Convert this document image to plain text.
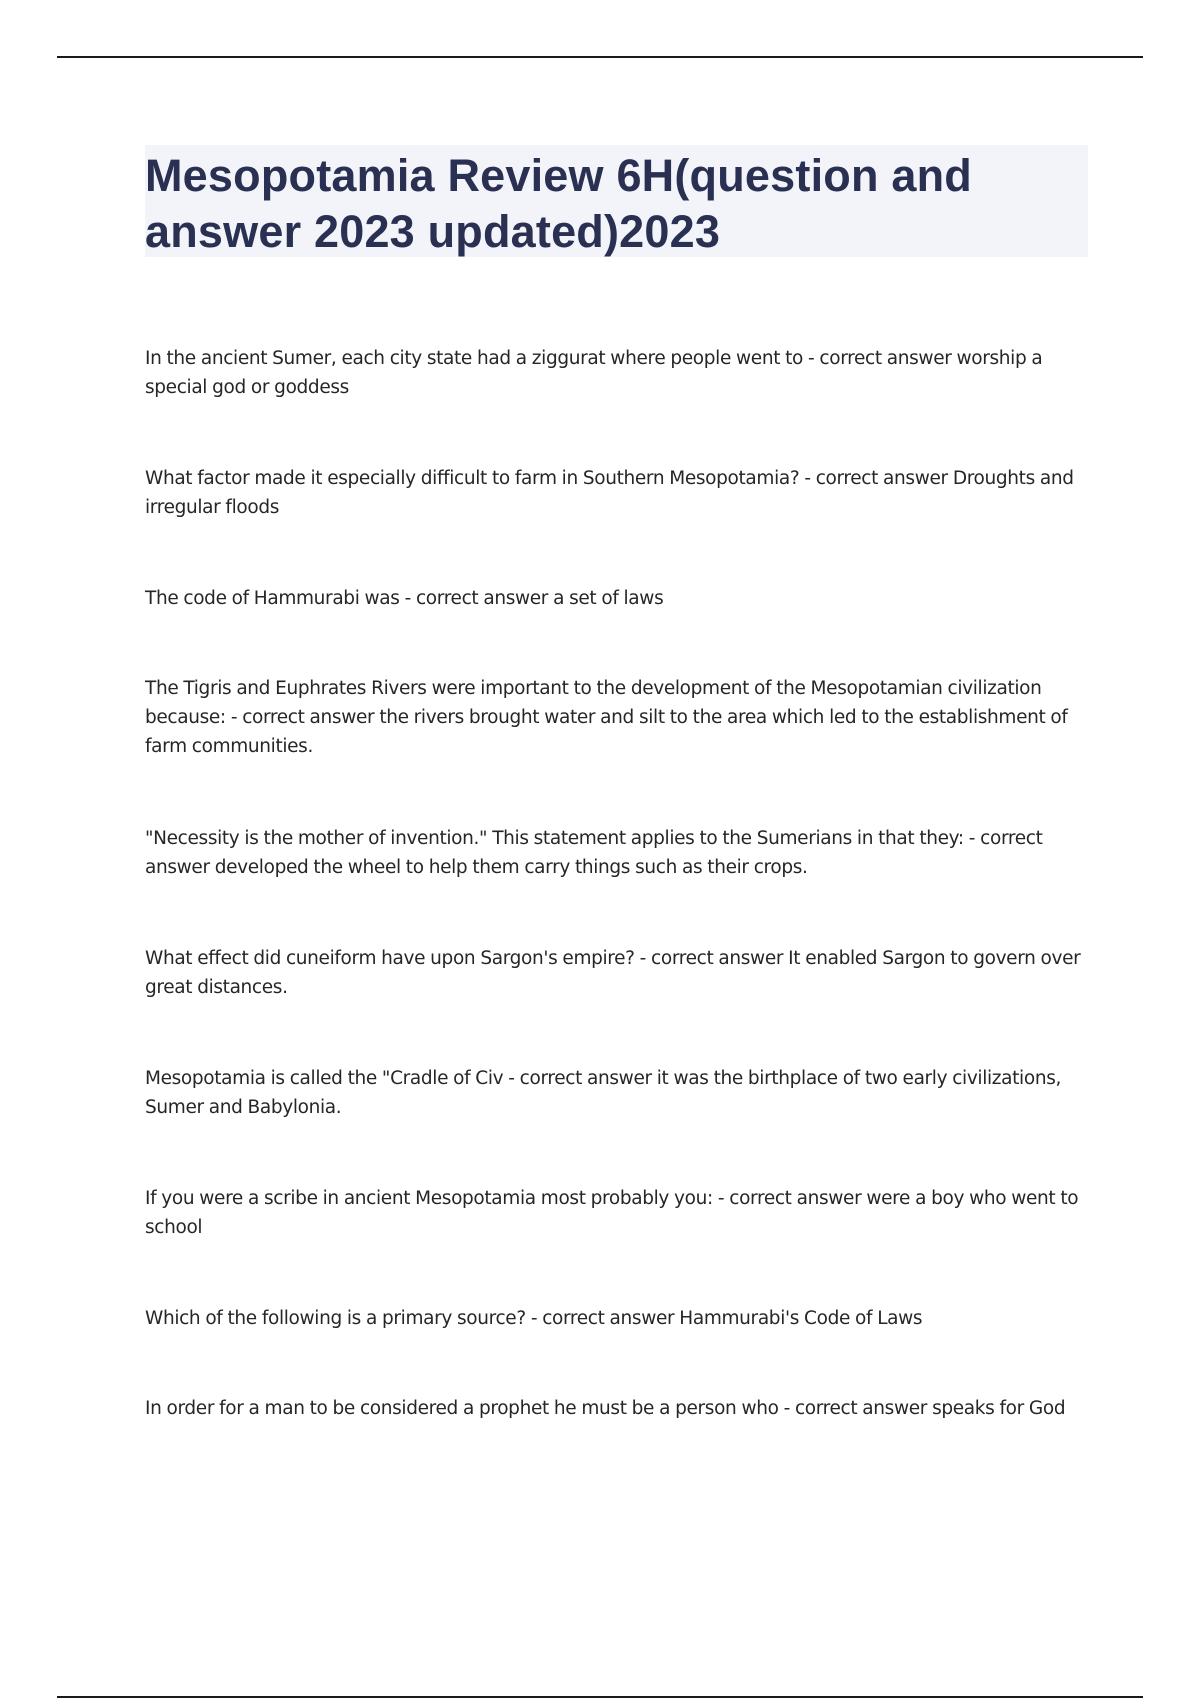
Mesopotamia Review 6H(question and answer 2023 updated)2023
In the ancient Sumer, each city state had a ziggurat where people went to - correct answer worship a special god or goddess
What factor made it especially difficult to farm in Southern Mesopotamia? - correct answer Droughts and irregular floods
The code of Hammurabi was - correct answer a set of laws
The Tigris and Euphrates Rivers were important to the development of the Mesopotamian civilization because: - correct answer the rivers brought water and silt to the area which led to the establishment of farm communities.
"Necessity is the mother of invention." This statement applies to the Sumerians in that they: - correct answer developed the wheel to help them carry things such as their crops.
What effect did cuneiform have upon Sargon's empire? - correct answer It enabled Sargon to govern over great distances.
Mesopotamia is called the "Cradle of Civ - correct answer it was the birthplace of two early civilizations, Sumer and Babylonia.
If you were a scribe in ancient Mesopotamia most probably you: - correct answer were a boy who went to school
Which of the following is a primary source? - correct answer Hammurabi's Code of Laws
In order for a man to be considered a prophet he must be a person who - correct answer speaks for God
